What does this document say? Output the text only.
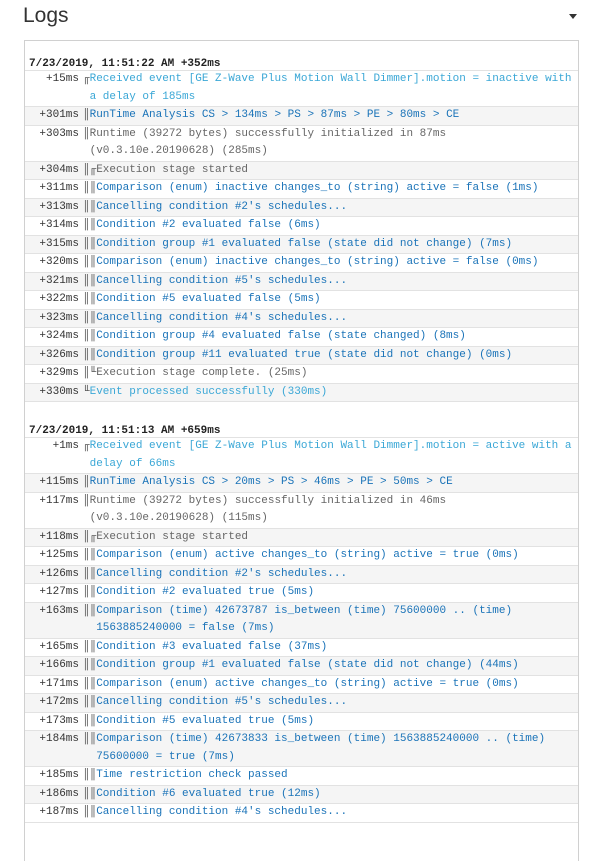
Logs
7/23/2019, 11:51:22 AM +352ms
+15ms ╓ Received event [GE Z-Wave Plus Motion Wall Dimmer].motion = inactive with a delay of 185ms
+301ms ║ RunTime Analysis CS > 134ms > PS > 87ms > PE > 80ms > CE
+303ms ║ Runtime (39272 bytes) successfully initialized in 87ms (v0.3.10e.20190628) (285ms)
+304ms ║╓ Execution stage started
+311ms ║║ Comparison (enum) inactive changes_to (string) active = false (1ms)
+313ms ║║ Cancelling condition #2's schedules...
+314ms ║║ Condition #2 evaluated false (6ms)
+315ms ║║ Condition group #1 evaluated false (state did not change) (7ms)
+320ms ║║ Comparison (enum) inactive changes_to (string) active = false (0ms)
+321ms ║║ Cancelling condition #5's schedules...
+322ms ║║ Condition #5 evaluated false (5ms)
+323ms ║║ Cancelling condition #4's schedules...
+324ms ║║ Condition group #4 evaluated false (state changed) (8ms)
+326ms ║║ Condition group #11 evaluated true (state did not change) (0ms)
+329ms ║╙ Execution stage complete. (25ms)
+330ms ╙ Event processed successfully (330ms)
7/23/2019, 11:51:13 AM +659ms
+1ms ╓ Received event [GE Z-Wave Plus Motion Wall Dimmer].motion = active with a delay of 66ms
+115ms ║ RunTime Analysis CS > 20ms > PS > 46ms > PE > 50ms > CE
+117ms ║ Runtime (39272 bytes) successfully initialized in 46ms (v0.3.10e.20190628) (115ms)
+118ms ║╓ Execution stage started
+125ms ║║ Comparison (enum) active changes_to (string) active = true (0ms)
+126ms ║║ Cancelling condition #2's schedules...
+127ms ║║ Condition #2 evaluated true (5ms)
+163ms ║║ Comparison (time) 42673787 is_between (time) 75600000 .. (time) 1563885240000 = false (7ms)
+165ms ║║ Condition #3 evaluated false (37ms)
+166ms ║║ Condition group #1 evaluated false (state did not change) (44ms)
+171ms ║║ Comparison (enum) active changes_to (string) active = true (0ms)
+172ms ║║ Cancelling condition #5's schedules...
+173ms ║║ Condition #5 evaluated true (5ms)
+184ms ║║ Comparison (time) 42673833 is_between (time) 1563885240000 .. (time) 75600000 = true (7ms)
+185ms ║║ Time restriction check passed
+186ms ║║ Condition #6 evaluated true (12ms)
+187ms ║║ Cancelling condition #4's schedules...
